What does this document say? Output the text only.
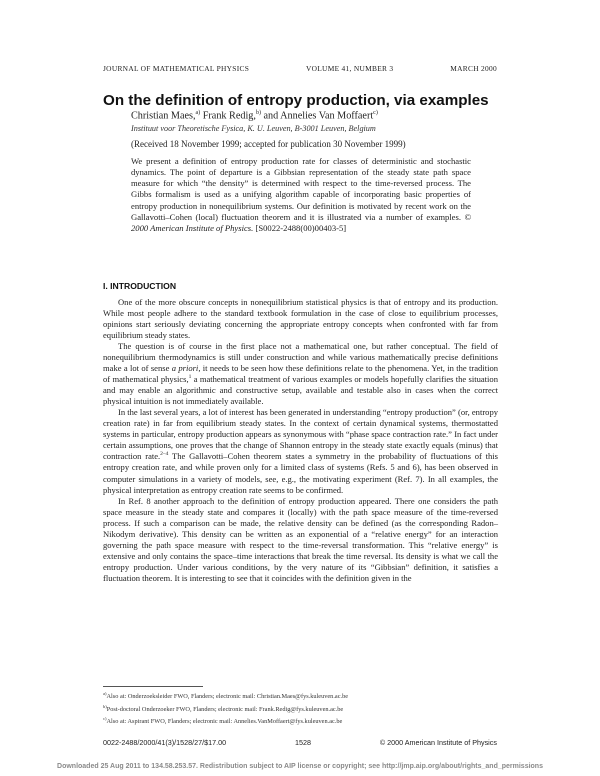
JOURNAL OF MATHEMATICAL PHYSICS	VOLUME 41, NUMBER 3	MARCH 2000
On the definition of entropy production, via examples
Christian Maes,$^{a)}$ Frank Redig,$^{b)}$ and Annelies Van Moffaert$^{c)}$
Instituut voor Theoretische Fysica, K. U. Leuven, B-3001 Leuven, Belgium
(Received 18 November 1999; accepted for publication 30 November 1999)
We present a definition of entropy production rate for classes of deterministic and stochastic dynamics. The point of departure is a Gibbsian representation of the steady state path space measure for which “the density” is determined with respect to the time-reversed process. The Gibbs formalism is used as a unifying algorithm capable of incorporating basic properties of entropy production in nonequilibrium systems. Our definition is motivated by recent work on the Gallavotti–Cohen (local) fluctuation theorem and it is illustrated via a number of examples. © 2000 American Institute of Physics. [S0022-2488(00)00403-5]
I. INTRODUCTION

One of the more obscure concepts in nonequilibrium statistical physics is that of entropy and its production. While most people adhere to the standard textbook formulation in the case of close to equilibrium processes, opinions start seriously deviating concerning the appropriate entropy concepts when confronted with far from equilibrium steady states.

The question is of course in the first place not a mathematical one, but rather conceptual. The field of nonequilibrium thermodynamics is still under construction and while various mathematically precise definitions make a lot of sense a priori, it needs to be seen how these definitions relate to the phenomena. Yet, in the tradition of mathematical physics,$^1$ a mathematical treatment of various examples or models hopefully clarifies the situation and may enable an algorithmic and constructive setup, available and testable also in cases when the correct physical intuition is not immediately available.

In the last several years, a lot of interest has been generated in understanding “entropy production” (or, entropy creation rate) in far from equilibrium steady states. In the context of certain dynamical systems, thermostatted systems in particular, entropy production appears as synonymous with “phase space contraction rate.” In fact under certain assumptions, one proves that the change of Shannon entropy in the steady state exactly equals (minus) that contraction rate.$^{2-4}$ The Gallavotti–Cohen theorem states a symmetry in the probability of fluctuations of this entropy creation rate, and while proven only for a limited class of systems (Refs. 5 and 6), has been observed in computer simulations in a variety of models, see, e.g., the motivating experiment (Ref. 7). In all examples, the physical interpretation as entropy creation rate seems to be confirmed.

In Ref. 8 another approach to the definition of entropy production appeared. There one considers the path space measure in the steady state and compares it (locally) with the path space measure of the time-reversed process. If such a comparison can be made, the relative density can be defined (as the corresponding Radon–Nikodym derivative). This density can be written as an exponential of a “relative energy” for an interaction governing the path space measure with respect to the time-reversal transformation. This “relative energy” is extensive and only contains the space–time interactions that break the time reversal. Its density is what we call the entropy production. Under various conditions, by the very nature of its “Gibbsian” definition, it satisfies a fluctuation theorem. It is interesting to see that it coincides with the definition given in the

$^{a)}$Also at: Onderzoeksleider FWO, Flanders; electronic mail: Christian.Maes@fys.kuleuven.ac.be
$^{b)}$Post-doctoral Onderzoeker FWO, Flanders; electronic mail: Frank.Redig@fys.kuleuven.ac.be
$^{c)}$Also at: Aspirant FWO, Flanders; electronic mail: Annelies.VanMoffaert@fys.kuleuven.ac.be
0022-2488/2000/41(3)/1528/27/$17.00	1528	© 2000 American Institute of Physics
Downloaded 25 Aug 2011 to 134.58.253.57. Redistribution subject to AIP license or copyright; see http://jmp.aip.org/about/rights_and_permissions
